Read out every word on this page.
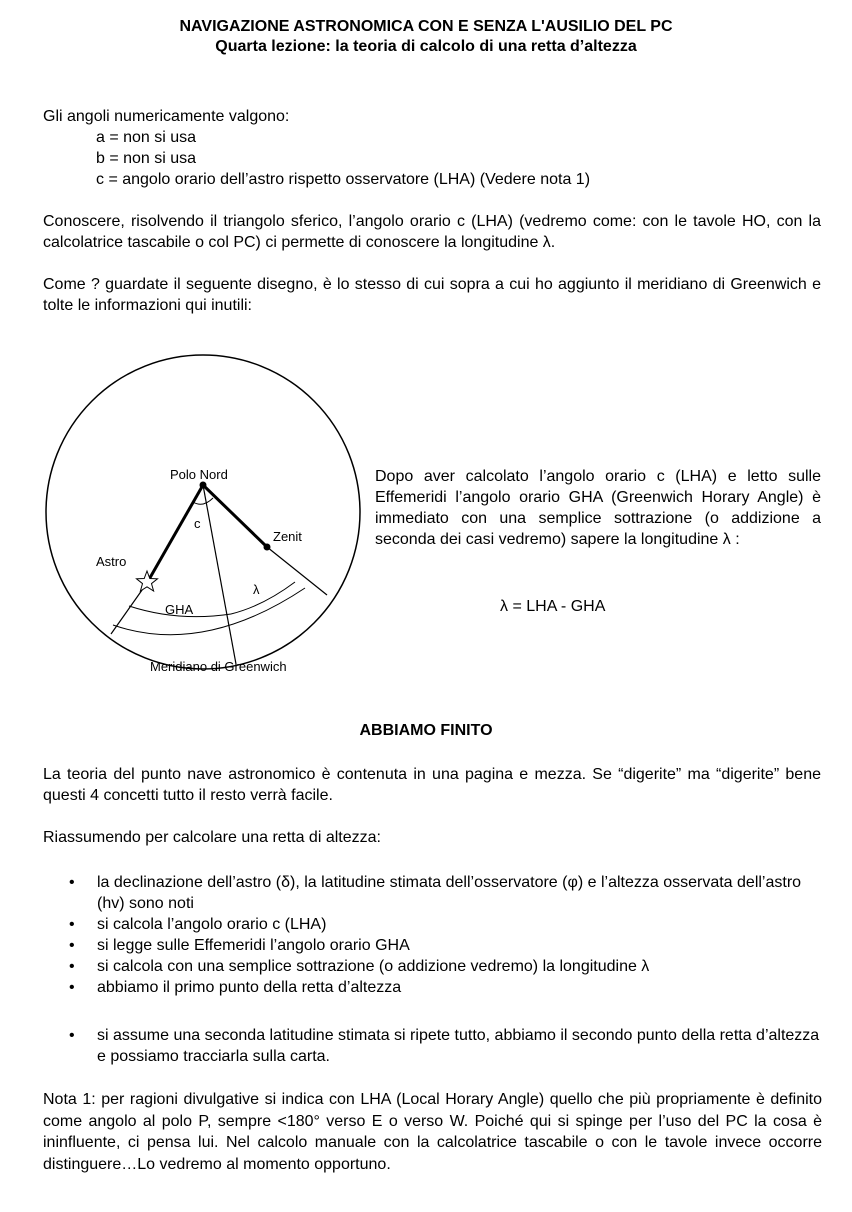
NAVIGAZIONE ASTRONOMICA CON E SENZA L'AUSILIO DEL PC
Quarta lezione: la teoria di calcolo di una retta d’altezza
Gli angoli numericamente valgono:
a = non si usa
b = non si usa
c = angolo orario dell’astro rispetto osservatore (LHA) (Vedere nota 1)

Conoscere, risolvendo il triangolo sferico, l’angolo orario c (LHA) (vedremo come: con le tavole HO, con la calcolatrice tascabile o col PC) ci permette di conoscere la longitudine λ.

Come ? guardate il seguente disegno, è lo stesso di cui sopra a cui ho aggiunto il meridiano di Greenwich e tolte le informazioni qui inutili:

Polo Nord
c
Zenit
Astro
λ
GHA
Meridiano di Greenwich

Dopo aver calcolato l’angolo orario c (LHA) e letto sulle Effemeridi l’angolo orario GHA (Greenwich Horary Angle) è immediato con una semplice sottrazione (o addizione a seconda dei casi vedremo) sapere la longitudine λ :

λ = LHA - GHA
ABBIAMO FINITO

La teoria del punto nave astronomico è contenuta in una pagina e mezza. Se “digerite” ma “digerite” bene questi 4 concetti tutto il resto verrà facile.

Riassumendo per calcolare una retta di altezza:

• la declinazione dell’astro (δ), la latitudine stimata dell’osservatore (φ) e l’altezza osservata dell’astro (hv) sono noti
• si calcola l’angolo orario c (LHA)
• si legge sulle Effemeridi l’angolo orario GHA
• si calcola con una semplice sottrazione (o addizione vedremo) la longitudine λ
• abbiamo il primo punto della retta d’altezza
• si assume una seconda latitudine stimata si ripete tutto, abbiamo il secondo punto della retta d’altezza e possiamo tracciarla sulla carta.

Nota 1: per ragioni divulgative si indica con LHA (Local Horary Angle) quello che più propriamente è definito come angolo al polo P, sempre <180° verso E o verso W. Poiché qui si spinge per l’uso del PC la cosa è ininfluente, ci pensa lui. Nel calcolo manuale con la calcolatrice tascabile o con le tavole invece occorre distinguere…Lo vedremo al momento opportuno.
